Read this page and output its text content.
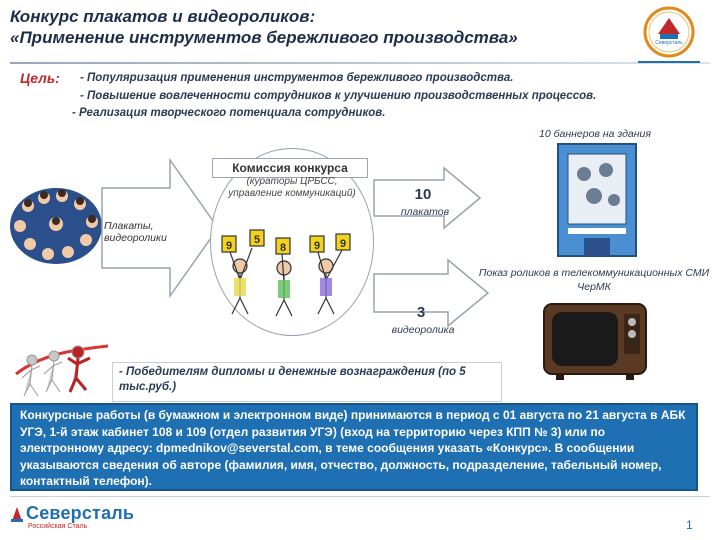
Конкурс плакатов и видеороликов:
«Применение инструментов бережливого производства»	Северсталь
Цель: - Популяризация применения инструментов бережливого производства.
- Повышение вовлеченности сотрудников к улучшению производственных процессов.
- Реализация творческого потенциала сотрудников.
10 баннеров на здания
Плакаты, видеоролики
Комиссия конкурса
(кураторы ЦРБСС, управление коммуникаций)
9 5
8	9 9
10
плакатов
3
видеоролика
Показ роликов в телекоммуникационных СМИ ЧерМК
- Победителям дипломы и денежные вознаграждения (по 5 тыс.руб.)
Конкурсные работы (в бумажном и электронном виде) принимаются в период с 01 августа по 21 августа в АБК УГЭ, 1-й этаж кабинет 108 и 109 (отдел развития УГЭ) (вход на территорию через КПП № 3) или по электронному адресу: dpmednikov@severstal.com, в теме сообщения указать «Конкурс». В сообщении указываются сведения об авторе (фамилия, имя, отчество, должность, подразделение, табельный номер, контактный телефон).
Северсталь
Российская Сталь	1
